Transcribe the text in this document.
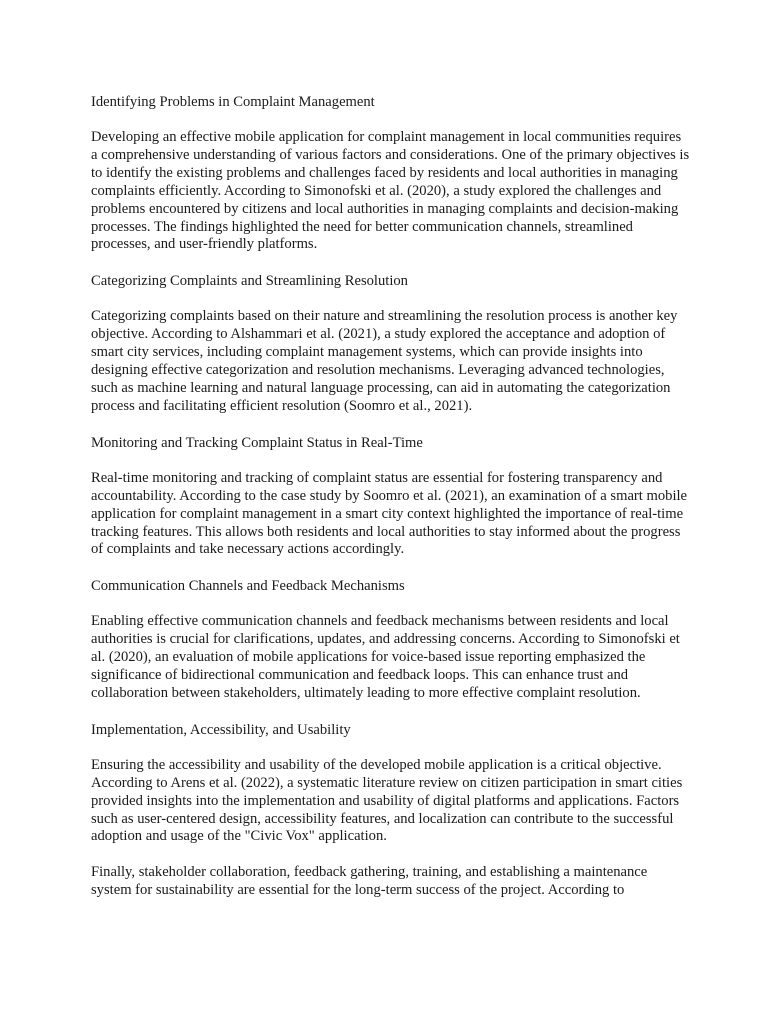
Identifying Problems in Complaint Management

Developing an effective mobile application for complaint management in local communities requires a comprehensive understanding of various factors and considerations. One of the primary objectives is to identify the existing problems and challenges faced by residents and local authorities in managing complaints efficiently. According to Simonofski et al. (2020), a study explored the challenges and problems encountered by citizens and local authorities in managing complaints and decision-making processes. The findings highlighted the need for better communication channels, streamlined processes, and user-friendly platforms.

Categorizing Complaints and Streamlining Resolution

Categorizing complaints based on their nature and streamlining the resolution process is another key objective. According to Alshammari et al. (2021), a study explored the acceptance and adoption of smart city services, including complaint management systems, which can provide insights into designing effective categorization and resolution mechanisms. Leveraging advanced technologies, such as machine learning and natural language processing, can aid in automating the categorization process and facilitating efficient resolution (Soomro et al., 2021).

Monitoring and Tracking Complaint Status in Real-Time

Real-time monitoring and tracking of complaint status are essential for fostering transparency and accountability. According to the case study by Soomro et al. (2021), an examination of a smart mobile application for complaint management in a smart city context highlighted the importance of real-time tracking features. This allows both residents and local authorities to stay informed about the progress of complaints and take necessary actions accordingly.

Communication Channels and Feedback Mechanisms

Enabling effective communication channels and feedback mechanisms between residents and local authorities is crucial for clarifications, updates, and addressing concerns. According to Simonofski et al. (2020), an evaluation of mobile applications for voice-based issue reporting emphasized the significance of bidirectional communication and feedback loops. This can enhance trust and collaboration between stakeholders, ultimately leading to more effective complaint resolution.

Implementation, Accessibility, and Usability

Ensuring the accessibility and usability of the developed mobile application is a critical objective. According to Arens et al. (2022), a systematic literature review on citizen participation in smart cities provided insights into the implementation and usability of digital platforms and applications. Factors such as user-centered design, accessibility features, and localization can contribute to the successful adoption and usage of the "Civic Vox" application.

Finally, stakeholder collaboration, feedback gathering, training, and establishing a maintenance system for sustainability are essential for the long-term success of the project. According to
